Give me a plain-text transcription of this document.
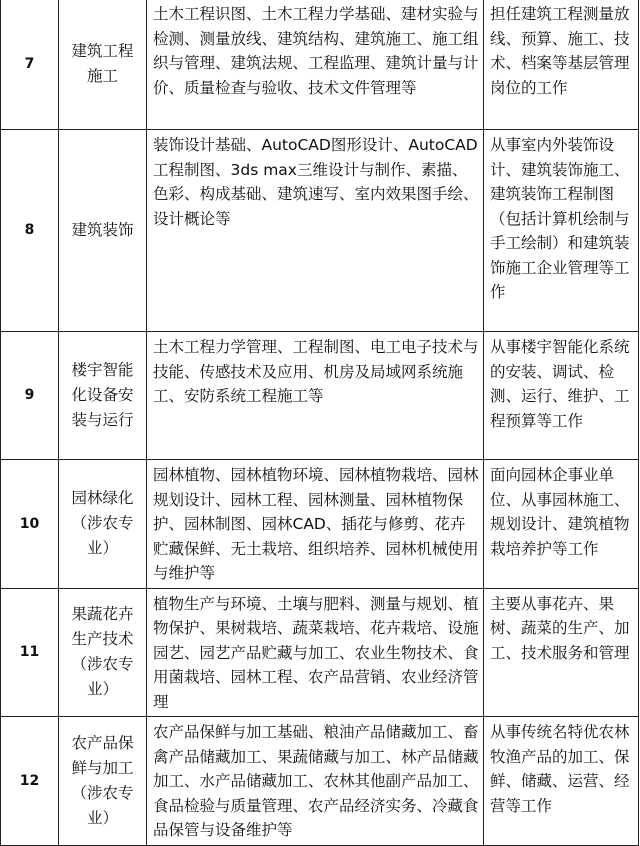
7	建筑工程施工	土木工程识图、土木工程力学基础、建材实验与检测、测量放线、建筑结构、建筑施工、施工组织与管理、建筑法规、工程监理、建筑计量与计价、质量检查与验收、技术文件管理等	担任建筑工程测量放线、预算、施工、技术、档案等基层管理岗位的工作
8	建筑装饰	装饰设计基础、AutoCAD图形设计、AutoCAD工程制图、3ds max三维设计与制作、素描、色彩、构成基础、建筑速写、室内效果图手绘、设计概论等	从事室内外装饰设计、建筑装饰施工、建筑装饰工程制图（包括计算机绘制与手工绘制）和建筑装饰施工企业管理等工作
9	楼宇智能化设备安装与运行	土木工程力学管理、工程制图、电工电子技术与技能、传感技术及应用、机房及局域网系统施工、安防系统工程施工等	从事楼宇智能化系统的安装、调试、检测、运行、维护、工程预算等工作
10	园林绿化（涉农专业）	园林植物、园林植物环境、园林植物栽培、园林规划设计、园林工程、园林测量、园林植物保护、园林制图、园林CAD、插花与修剪、花卉贮藏保鲜、无土栽培、组织培养、园林机械使用与维护等	面向园林企事业单位、从事园林施工、规划设计、建筑植物栽培养护等工作
11	果蔬花卉生产技术（涉农专业）	植物生产与环境、土壤与肥料、测量与规划、植物保护、果树栽培、蔬菜栽培、花卉栽培、设施园艺、园艺产品贮藏与加工、农业生物技术、食用菌栽培、园林工程、农产品营销、农业经济管理	主要从事花卉、果树、蔬菜的生产、加工、技术服务和管理
12	农产品保鲜与加工（涉农专业）	农产品保鲜与加工基础、粮油产品储藏加工、畜禽产品储藏加工、果蔬储藏与加工、林产品储藏加工、水产品储藏加工、农林其他副产品加工、食品检验与质量管理、农产品经济实务、冷藏食品保管与设备维护等	从事传统名特优农林牧渔产品的加工、保鲜、储藏、运营、经营等工作
